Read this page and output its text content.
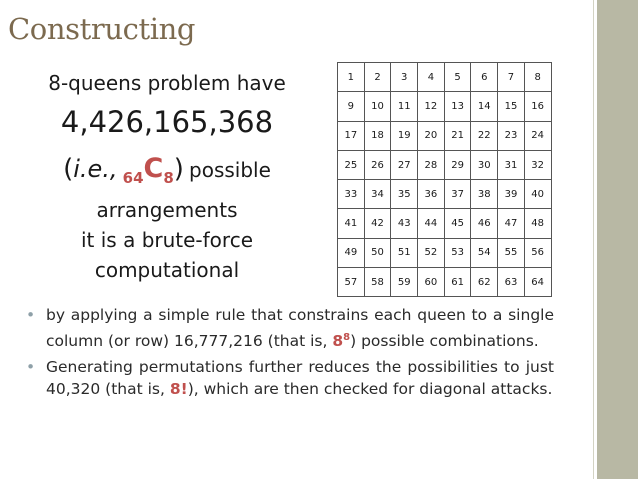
Constructing
8-queens problem have
4,426,165,368
(i.e., 64C8) possible
arrangements
it is a brute-force
computational
1	2	3	4	5	6	7	8
9	10	11	12	13	14	15	16
17	18	19	20	21	22	23	24
25	26	27	28	29	30	31	32
33	34	35	36	37	38	39	40
41	42	43	44	45	46	47	48
49	50	51	52	53	54	55	56
57	58	59	60	61	62	63	64
• by applying a simple rule that constrains each queen to a single column (or row) 16,777,216 (that is, $8^8$) possible combinations.
• Generating permutations further reduces the possibilities to just 40,320 (that is, 8!), which are then checked for diagonal attacks.
